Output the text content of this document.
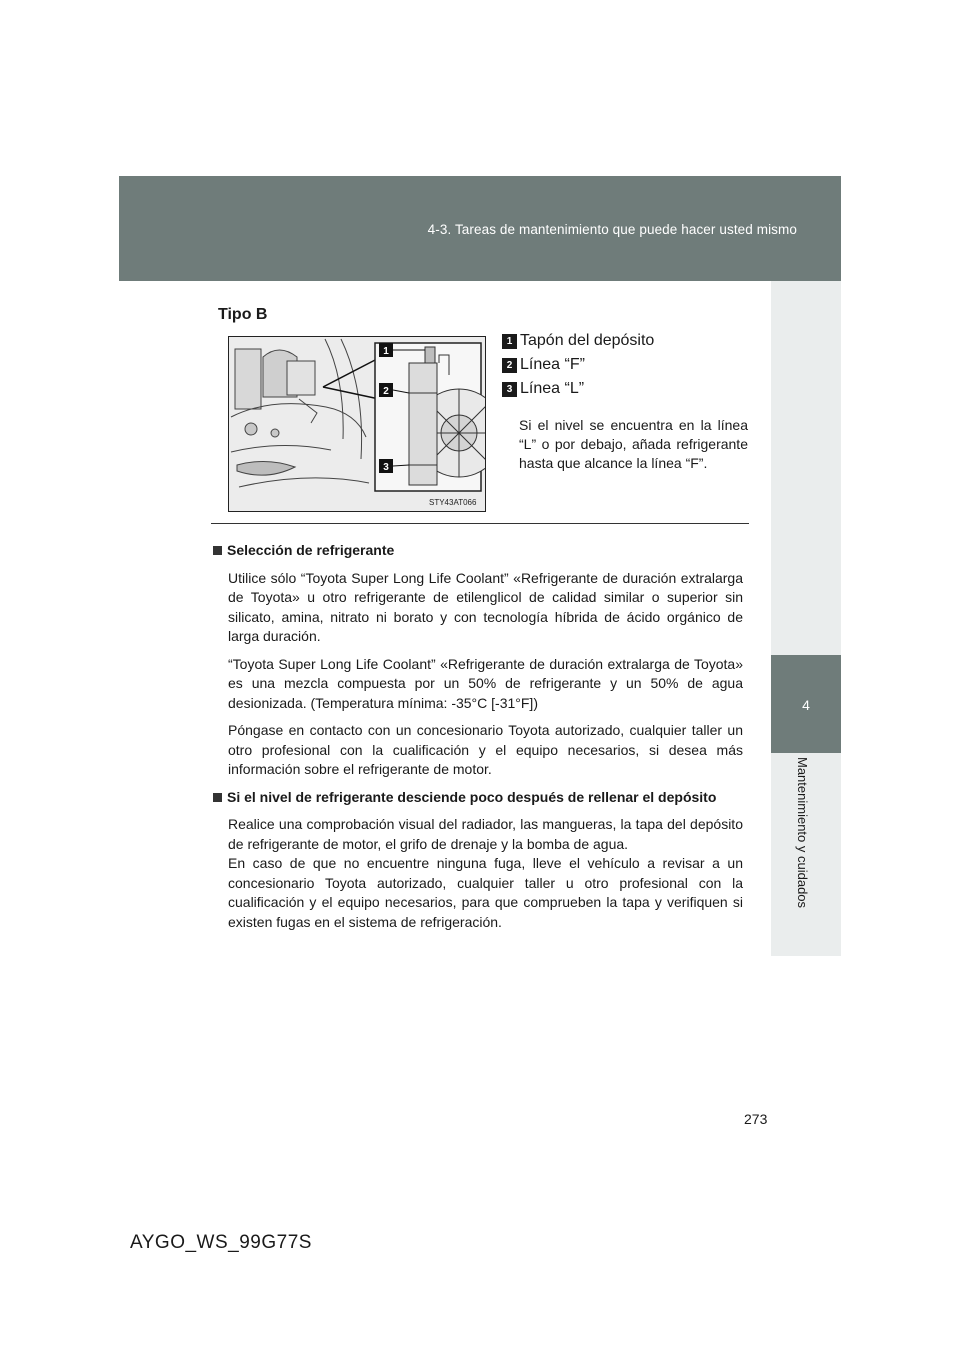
4-3. Tareas de mantenimiento que puede hacer usted mismo
4
Mantenimiento y cuidados
Tipo B
1
2
3
STY43AT066
1 Tapón del depósito
2 Línea “F”
3 Línea “L”
Si el nivel se encuentra en la línea “L” o por debajo, añada refrigerante hasta que alcance la línea “F”.
Selección de refrigerante

Utilice sólo “Toyota Super Long Life Coolant” «Refrigerante de duración extralarga de Toyota» u otro refrigerante de etilenglicol de calidad similar o superior sin silicato, amina, nitrato ni borato y con tecnología híbrida de ácido orgánico de larga duración.

“Toyota Super Long Life Coolant” «Refrigerante de duración extralarga de Toyota» es una mezcla compuesta por un 50% de refrigerante y un 50% de agua desionizada. (Temperatura mínima: -35°C [-31°F])

Póngase en contacto con un concesionario Toyota autorizado, cualquier taller un otro profesional con la cualificación y el equipo necesarios, si desea más información sobre el refrigerante de motor.

Si el nivel de refrigerante desciende poco después de rellenar el depósito

Realice una comprobación visual del radiador, las mangueras, la tapa del depósito de refrigerante de motor, el grifo de drenaje y la bomba de agua.

En caso de que no encuentre ninguna fuga, lleve el vehículo a revisar a un concesionario Toyota autorizado, cualquier taller u otro profesional con la cualificación y el equipo necesarios, para que comprueben la tapa y verifiquen si existen fugas en el sistema de refrigeración.

273
AYGO_WS_99G77S
